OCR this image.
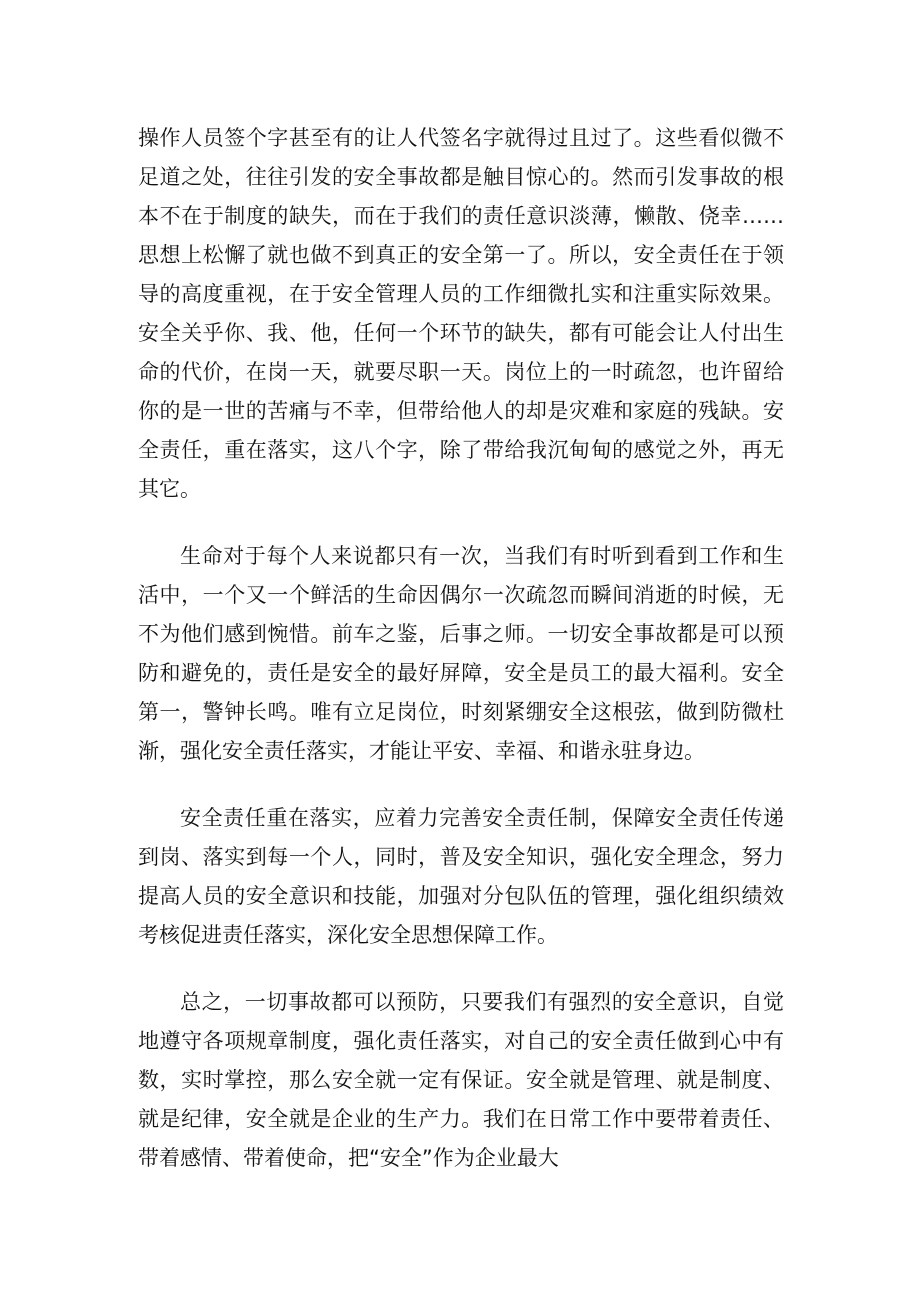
操作人员签个字甚至有的让人代签名字就得过且过了。这些看似微不足道之处，往往引发的安全事故都是触目惊心的。然而引发事故的根本不在于制度的缺失，而在于我们的责任意识淡薄，懒散、侥幸……思想上松懈了就也做不到真正的安全第一了。所以，安全责任在于领导的高度重视，在于安全管理人员的工作细微扎实和注重实际效果。安全关乎你、我、他，任何一个环节的缺失，都有可能会让人付出生命的代价，在岗一天，就要尽职一天。岗位上的一时疏忽，也许留给你的是一世的苦痛与不幸，但带给他人的却是灾难和家庭的残缺。安全责任，重在落实，这八个字，除了带给我沉甸甸的感觉之外，再无其它。

生命对于每个人来说都只有一次，当我们有时听到看到工作和生活中，一个又一个鲜活的生命因偶尔一次疏忽而瞬间消逝的时候，无不为他们感到惋惜。前车之鉴，后事之师。一切安全事故都是可以预防和避免的，责任是安全的最好屏障，安全是员工的最大福利。安全第一，警钟长鸣。唯有立足岗位，时刻紧绷安全这根弦，做到防微杜渐，强化安全责任落实，才能让平安、幸福、和谐永驻身边。

安全责任重在落实，应着力完善安全责任制，保障安全责任传递到岗、落实到每一个人，同时，普及安全知识，强化安全理念，努力提高人员的安全意识和技能，加强对分包队伍的管理，强化组织绩效考核促进责任落实，深化安全思想保障工作。

总之，一切事故都可以预防，只要我们有强烈的安全意识，自觉地遵守各项规章制度，强化责任落实，对自己的安全责任做到心中有数，实时掌控，那么安全就一定有保证。安全就是管理、就是制度、就是纪律，安全就是企业的生产力。我们在日常工作中要带着责任、带着感情、带着使命，把“安全”作为企业最大
